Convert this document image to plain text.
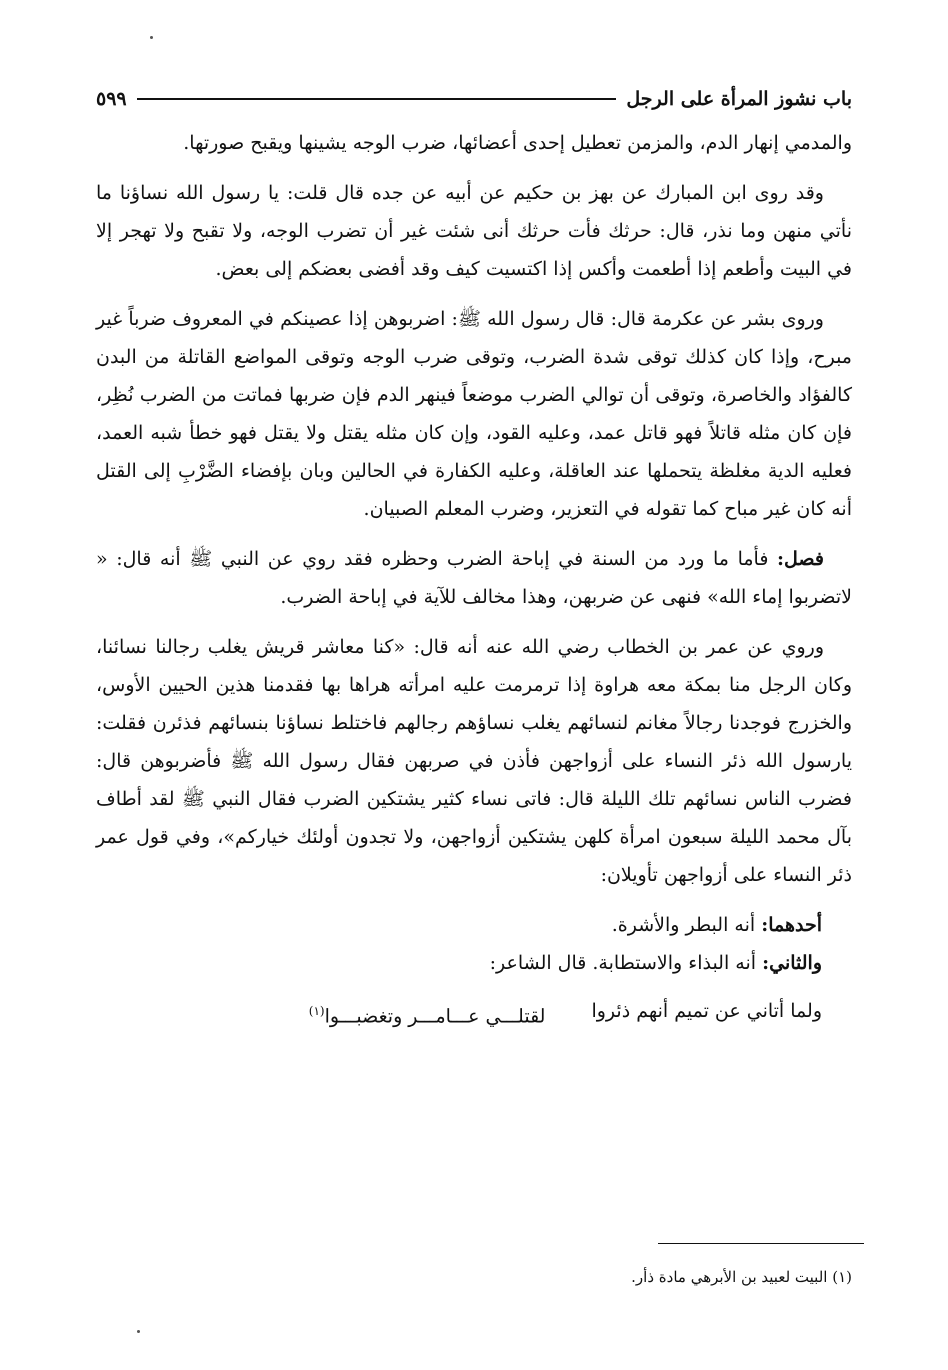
باب نشوز المرأة على الرجل
٥٩٩

والمدمي إنهار الدم، والمزمن تعطيل إحدى أعضائها، ضرب الوجه يشينها ويقبح صورتها.

وقد روى ابن المبارك عن بهز بن حكيم عن أبيه عن جده قال قلت: يا رسول الله نساؤنا ما نأتي منهن وما نذر، قال: حرثك فأت حرثك أنى شئت غير أن تضرب الوجه، ولا تقبح ولا تهجر إلا في البيت وأطعم إذا أطعمت وأكس إذا اكتسيت كيف وقد أفضى بعضكم إلى بعض.

وروى بشر عن عكرمة قال: قال رسول الله ﷺ: اضربوهن إذا عصينكم في المعروف ضرباً غير مبرح، وإذا كان كذلك توقى شدة الضرب، وتوقى ضرب الوجه وتوقى المواضع القاتلة من البدن كالفؤاد والخاصرة، وتوقى أن توالي الضرب موضعاً فينهر الدم فإن ضربها فماتت من الضرب نُظِر، فإن كان مثله قاتلاً فهو قاتل عمد، وعليه القود، وإن كان مثله يقتل ولا يقتل فهو خطأ شبه العمد، فعليه الدية مغلظة يتحملها عند العاقلة، وعليه الكفارة في الحالين وبان بإفضاء الضَّرْبِ إلى القتل أنه كان غير مباح كما تقوله في التعزير، وضرب المعلم الصبيان.

فصل: فأما ما ورد من السنة في إباحة الضرب وحظره فقد روي عن النبي ﷺ أنه قال: « لاتضربوا إماء الله» فنهى عن ضربهن، وهذا مخالف للآية في إباحة الضرب.

وروي عن عمر بن الخطاب رضي الله عنه أنه قال: «كنا معاشر قريش يغلب رجالنا نسائنا، وكان الرجل منا بمكة معه هراوة إذا ترمرمت عليه امرأته هراها بها فقدمنا هذين الحيين الأوس، والخزرج فوجدنا رجالاً مغانم لنسائهم يغلب نساؤهم رجالهم فاختلط نساؤنا بنسائهم فذئرن فقلت: يارسول الله ذئر النساء على أزواجهن فأذن في صربهن فقال رسول الله ﷺ فأضربوهن قال: فضرب الناس نسائهم تلك الليلة قال: فاتى نساء كثير يشتكين الضرب فقال النبي ﷺ لقد أطاف بآل محمد الليلة سبعون امرأة كلهن يشتكين أزواجهن، ولا تجدون أولئك خياركم»، وفي قول عمر ذئر النساء على أزواجهن تأويلان:

أحدهما: أنه البطر والأشرة.

والثاني: أنه البذاء والاستطابة. قال الشاعر:

ولما أتاني عن تميم أنهم ذئروا
لقتلـــي عـــامـــر وتغضبـــوا$^{(١)}$
(١) البيت لعبيد بن الأبرهي مادة ذأر.
